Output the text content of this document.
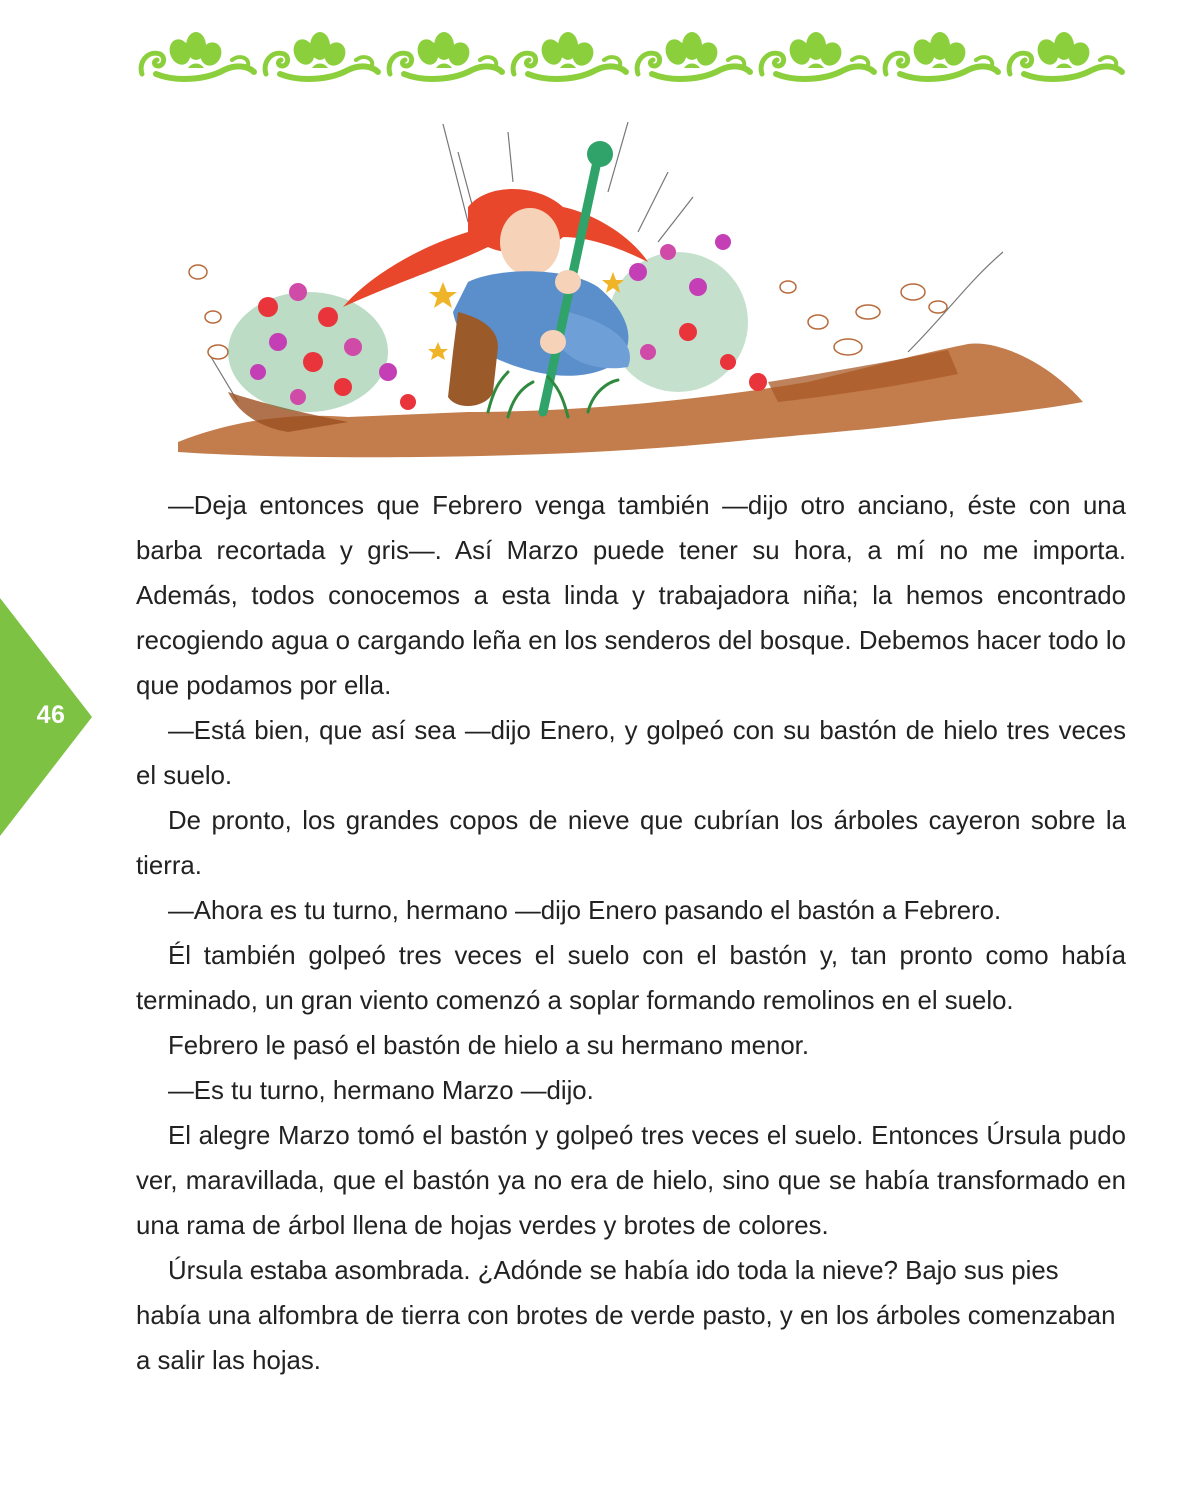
46

—Deja entonces que Febrero venga también —dijo otro anciano, éste con una barba recortada y gris—. Así Marzo puede tener su hora, a mí no me importa. Además, todos conocemos a esta linda y trabajadora niña; la hemos encontrado recogiendo agua o cargando leña en los senderos del bosque. Debemos hacer todo lo que podamos por ella.

—Está bien, que así sea —dijo Enero, y golpeó con su bastón de hielo tres veces el suelo.

De pronto, los grandes copos de nieve que cubrían los árboles cayeron sobre la tierra.

—Ahora es tu turno, hermano —dijo Enero pasando el bastón a Febrero.

Él también golpeó tres veces el suelo con el bastón y, tan pronto como había terminado, un gran viento comenzó a soplar formando remolinos en el suelo.

Febrero le pasó el bastón de hielo a su hermano menor.

—Es tu turno, hermano Marzo —dijo.

El alegre Marzo tomó el bastón y golpeó tres veces el suelo. Entonces Úrsula pudo ver, maravillada, que el bastón ya no era de hielo, sino que se había transformado en una rama de árbol llena de hojas verdes y brotes de colores.

Úrsula estaba asombrada. ¿Adónde se había ido toda la nieve? Bajo sus pies había una alfombra de tierra con brotes de verde pasto, y en los árboles comenzaban a salir las hojas.
